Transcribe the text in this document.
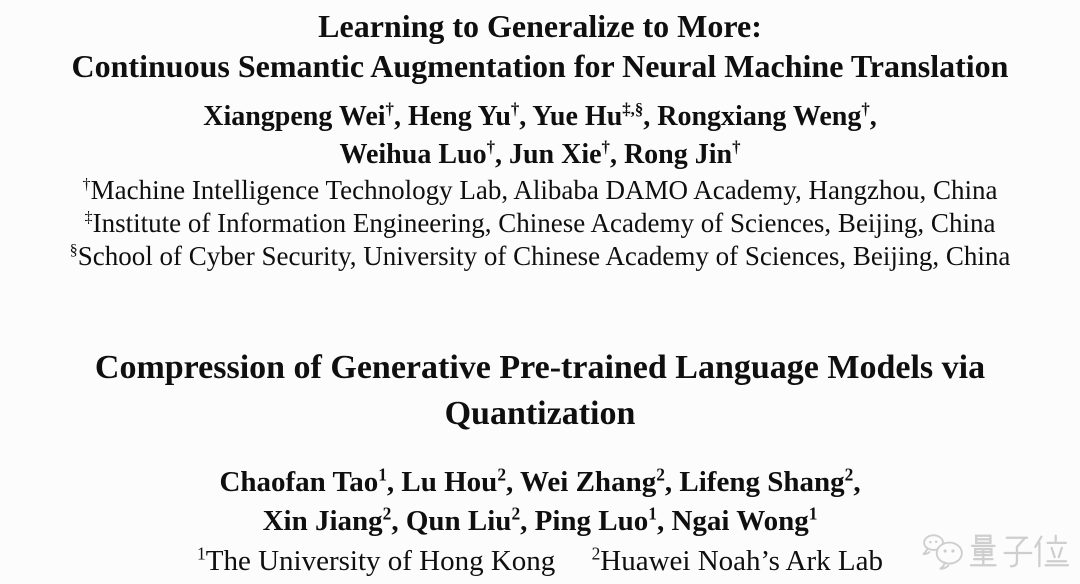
Learning to Generalize to More:
Continuous Semantic Augmentation for Neural Machine Translation
Xiangpeng Wei†, Heng Yu†, Yue Hu‡,§, Rongxiang Weng†,
Weihua Luo†, Jun Xie†, Rong Jin†
†Machine Intelligence Technology Lab, Alibaba DAMO Academy, Hangzhou, China
‡Institute of Information Engineering, Chinese Academy of Sciences, Beijing, China
§School of Cyber Security, University of Chinese Academy of Sciences, Beijing, China
Compression of Generative Pre-trained Language Models via
Quantization
Chaofan Tao$^1$, Lu Hou$^2$, Wei Zhang$^2$, Lifeng Shang$^2$,
Xin Jiang$^2$, Qun Liu$^2$, Ping Luo$^1$, Ngai Wong$^1$
$^1$The University of Hong Kong $^2$Huawei Noah’s Ark Lab
